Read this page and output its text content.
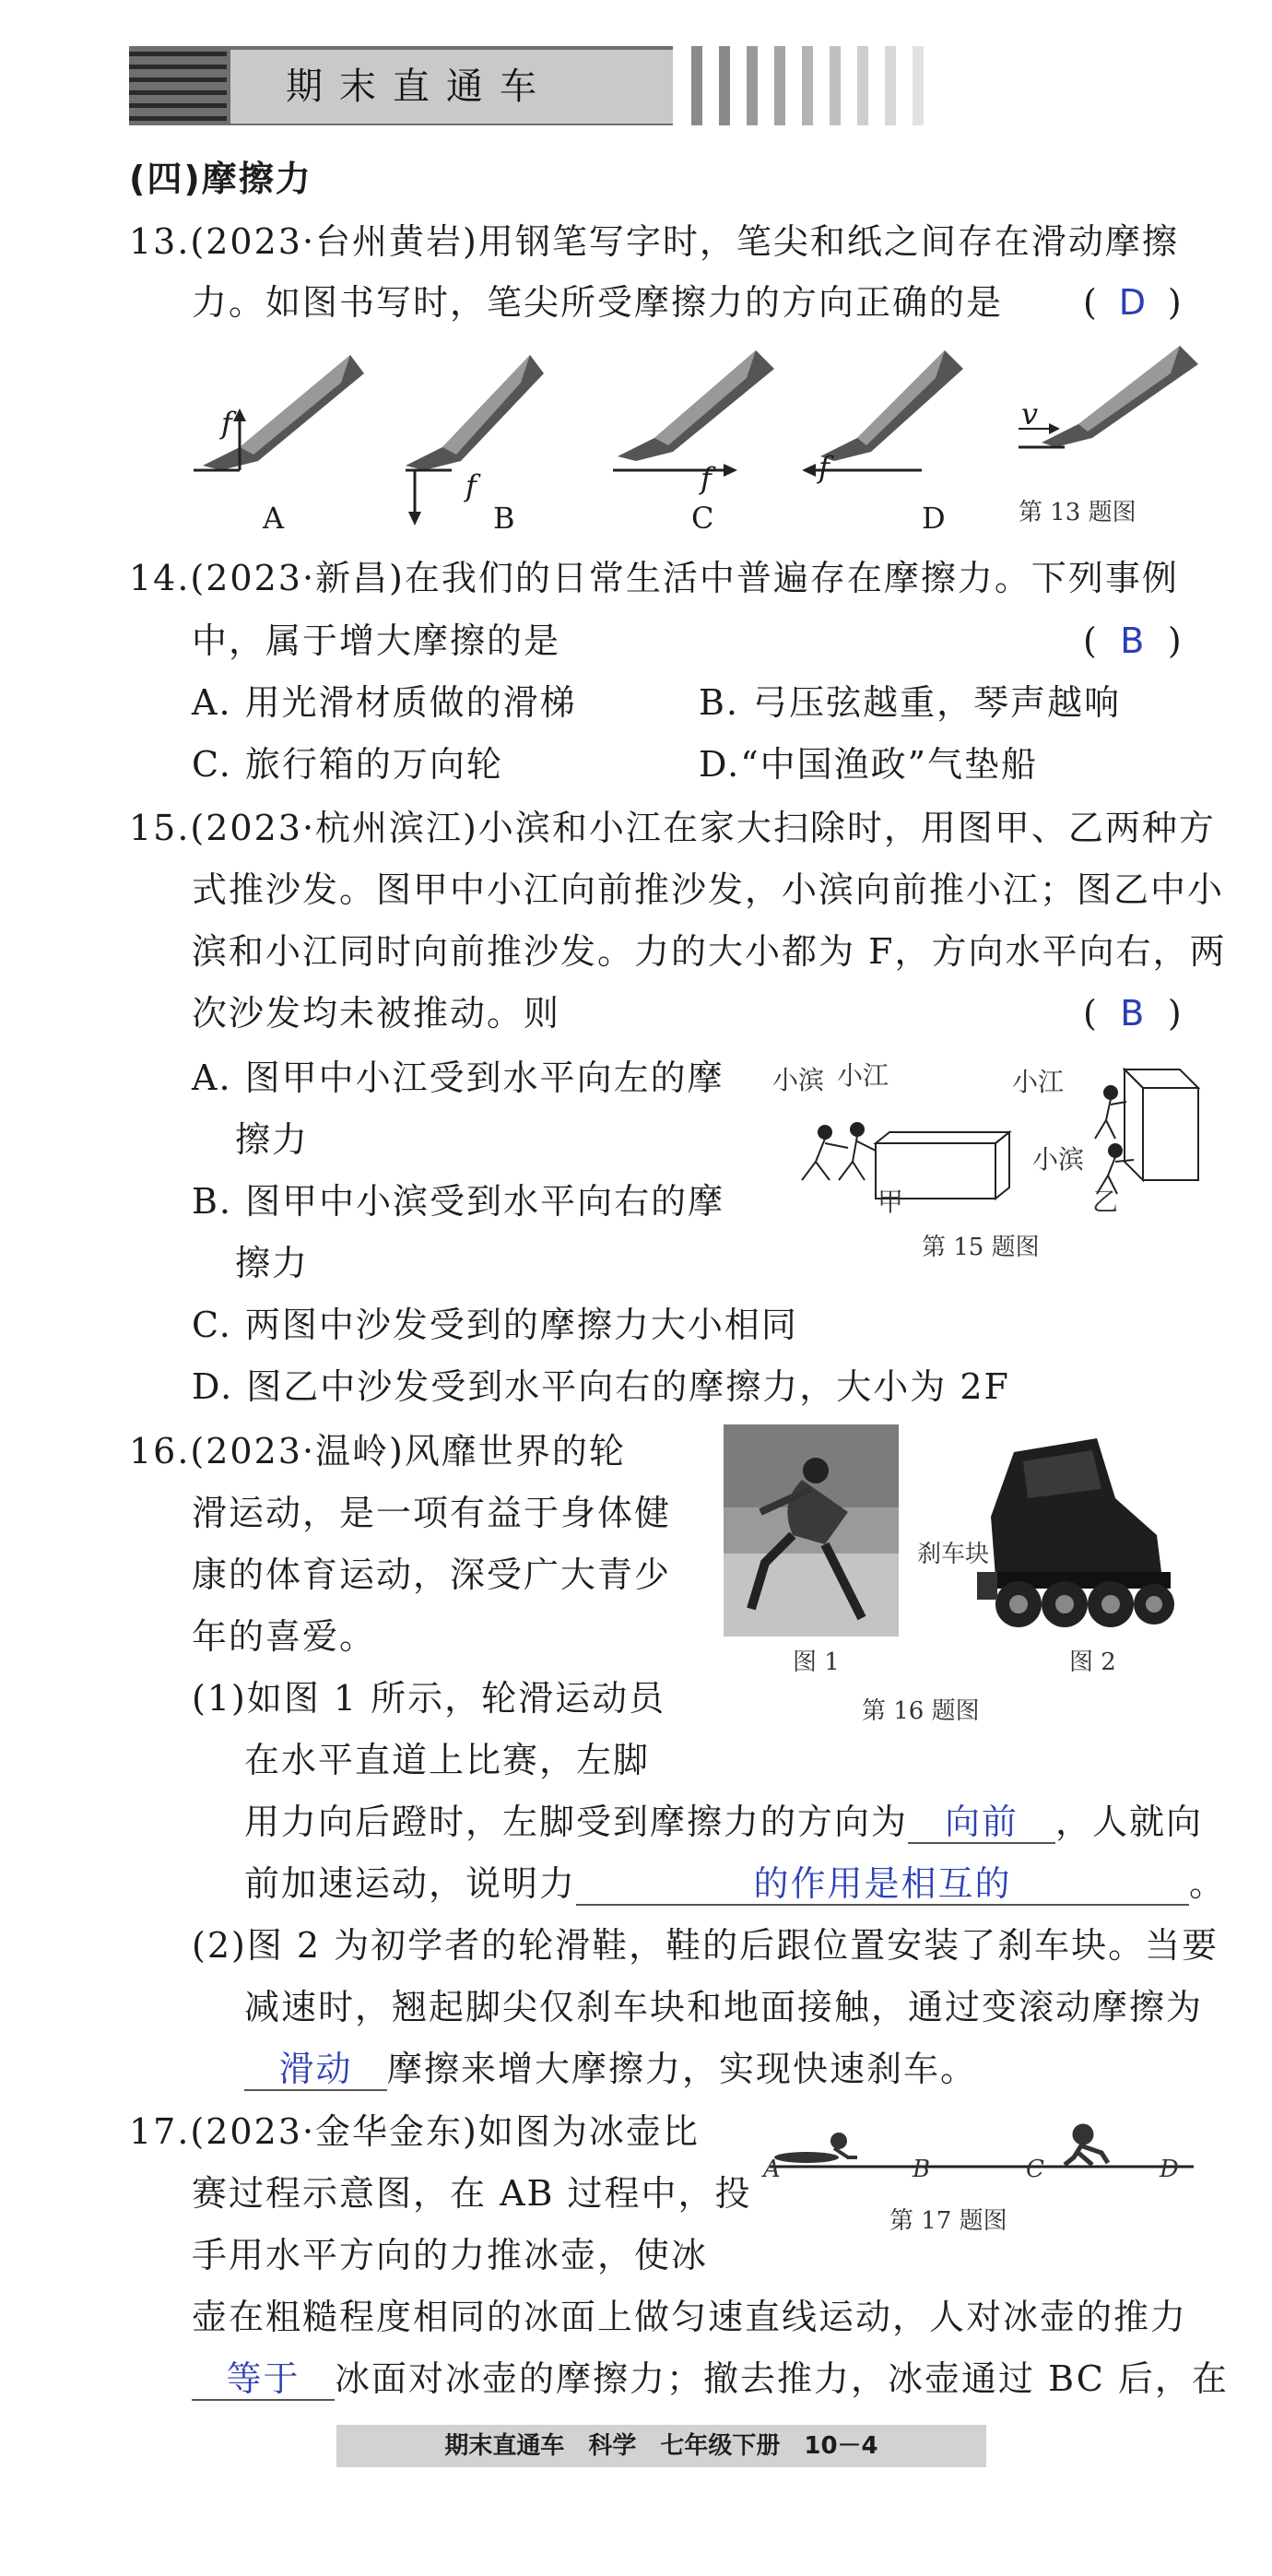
期末直通车
(四)摩擦力
13.(2023·台州黄岩)用钢笔写字时，笔尖和纸之间存在滑动摩擦
力。如图书写时，笔尖所受摩擦力的方向正确的是 ( D )
f
f	f	f
v
A	B	C	D	第 13 题图
14.(2023·新昌)在我们的日常生活中普遍存在摩擦力。下列事例
中，属于增大摩擦的是	( B )
A. 用光滑材质做的滑梯	B. 弓压弦越重，琴声越响
C. 旅行箱的万向轮	D.“中国渔政”气垫船
15.(2023·杭州滨江)小滨和小江在家大扫除时，用图甲、乙两种方
式推沙发。图甲中小江向前推沙发，小滨向前推小江；图乙中小
滨和小江同时向前推沙发。力的大小都为 F，方向水平向右，两
次沙发均未被推动。则	( B )
A. 图甲中小江受到水平向左的摩
擦力
B. 图甲中小滨受到水平向右的摩
擦力
C. 两图中沙发受到的摩擦力大小相同
D. 图乙中沙发受到水平向右的摩擦力，大小为 2F
小滨 小江	小江
小滨
甲	乙
第 15 题图
16.(2023·温岭)风靡世界的轮
滑运动，是一项有益于身体健
康的体育运动，深受广大青少
年的喜爱。
(1)如图 1 所示，轮滑运动员
在水平直道上比赛，左脚
用力向后蹬时，左脚受到摩擦力的方向为 向前 ，人就向
前加速运动，说明力	的作用是相互的	。
(2)图 2 为初学者的轮滑鞋，鞋的后跟位置安装了刹车块。当要
减速时，翘起脚尖仅刹车块和地面接触，通过变滚动摩擦为
滑动 摩擦来增大摩擦力，实现快速刹车。
刹车块
图 1	图 2
第 16 题图
17.(2023·金华金东)如图为冰壶比
赛过程示意图，在 AB 过程中，投
手用水平方向的力推冰壶，使冰
壶在粗糙程度相同的冰面上做匀速直线运动，人对冰壶的推力
等于 冰面对冰壶的摩擦力；撤去推力，冰壶通过 BC 后，在
A	B	C	D
第 17 题图
期末直通车　科学　七年级下册　10－4
